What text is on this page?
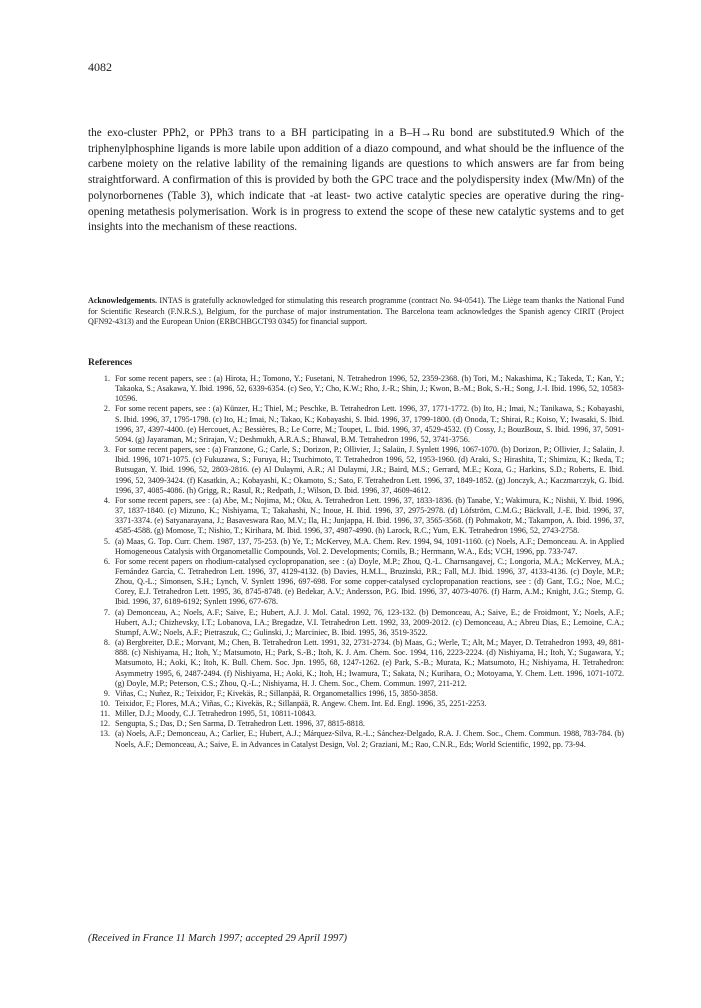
4082

the exo-cluster PPh2, or PPh3 trans to a BH participating in a B–H→Ru bond are substituted.9 Which of the triphenylphosphine ligands is more labile upon addition of a diazo compound, and what should be the influence of the carbene moiety on the relative lability of the remaining ligands are questions to which answers are far from being straightforward. A confirmation of this is provided by both the GPC trace and the polydispersity index (Mw/Mn) of the polynorbornenes (Table 3), which indicate that -at least- two active catalytic species are operative during the ring-opening metathesis polymerisation. Work is in progress to extend the scope of these new catalytic systems and to get insights into the mechanism of these reactions.

Acknowledgements. INTAS is gratefully acknowledged for stimulating this research programme (contract No. 94-0541). The Liège team thanks the National Fund for Scientific Research (F.N.R.S.), Belgium, for the purchase of major instrumentation. The Barcelona team acknowledges the Spanish agency CIRIT (Project QFN92-4313) and the European Union (ERBCHBGCT93 0345) for financial support.
References
1. For some recent papers, see : (a) Hirota, H.; Tomono, Y.; Fusetani, N. Tetrahedron 1996, 52, 2359-2368. (b) Tori, M.; Nakashima, K.; Takeda, T.; Kan, Y.; Takaoka, S.; Asakawa, Y. Ibid. 1996, 52, 6339-6354. (c) Seo, Y.; Cho, K.W.; Rho, J.-R.; Shin, J.; Kwon, B.-M.; Bok, S.-H.; Song, J.-I. Ibid. 1996, 52, 10583-10596.
2. For some recent papers, see : (a) Künzer, H.; Thiel, M.; Peschke, B. Tetrahedron Lett. 1996, 37, 1771-1772. (b) Ito, H.; Imai, N.; Tanikawa, S.; Kobayashi, S. Ibid. 1996, 37, 1795-1798. (c) Ito, H.; Imai, N.; Takao, K.; Kobayashi, S. Ibid. 1996, 37, 1799-1800. (d) Onoda, T.; Shirai, R.; Koiso, Y.; Iwasaki, S. Ibid. 1996, 37, 4397-4400. (e) Hercouet, A.; Bessières, B.; Le Corre, M.; Toupet, L. Ibid. 1996, 37, 4529-4532. (f) Cossy, J.; BouzBouz, S. Ibid. 1996, 37, 5091-5094. (g) Jayaraman, M.; Srirajan, V.; Deshmukh, A.R.A.S.; Bhawal, B.M. Tetrahedron 1996, 52, 3741-3756.
3. For some recent papers, see : (a) Franzone, G.; Carle, S.; Dorizon, P.; Ollivier, J.; Salaün, J. Synlett 1996, 1067-1070. (b) Dorizon, P.; Ollivier, J.; Salaün, J. Ibid. 1996, 1071-1075. (c) Fukuzawa, S.; Furuya, H.; Tsuchimoto, T. Tetrahedron 1996, 52, 1953-1960. (d) Araki, S.; Hirashita, T.; Shimizu, K.; Ikeda, T.; Butsugan, Y. Ibid. 1996, 52, 2803-2816. (e) Al Dulaymi, A.R.; Al Dulaymi, J.R.; Baird, M.S.; Gerrard, M.E.; Koza, G.; Harkins, S.D.; Roberts, E. Ibid. 1996, 52, 3409-3424. (f) Kasatkin, A.; Kobayashi, K.; Okamoto, S.; Sato, F. Tetrahedron Lett. 1996, 37, 1849-1852. (g) Jonczyk, A.; Kaczmarczyk, G. Ibid. 1996, 37, 4085-4086. (h) Grigg, R.; Rasul, R.; Redpath, J.; Wilson, D. Ibid. 1996, 37, 4609-4612.
4. For some recent papers, see : (a) Abe, M.; Nojima, M.; Oku, A. Tetrahedron Lett. 1996, 37, 1833-1836. (b) Tanabe, Y.; Wakimura, K.; Nishii, Y. Ibid. 1996, 37, 1837-1840. (c) Mizuno, K.; Nishiyama, T.; Takahashi, N.; Inoue, H. Ibid. 1996, 37, 2975-2978. (d) Löfström, C.M.G.; Bäckvall, J.-E. Ibid. 1996, 37, 3371-3374. (e) Satyanarayana, J.; Basaveswara Rao, M.V.; Ila, H.; Junjappa, H. Ibid. 1996, 37, 3565-3568. (f) Pohmakotr, M.; Takampon, A. Ibid. 1996, 37, 4585-4588. (g) Momose, T.; Nishio, T.; Kirihara, M. Ibid. 1996, 37, 4987-4990. (h) Larock, R.C.; Yum, E.K. Tetrahedron 1996, 52, 2743-2758.
5. (a) Maas, G. Top. Curr. Chem. 1987, 137, 75-253. (b) Ye, T.; McKervey, M.A. Chem. Rev. 1994, 94, 1091-1160. (c) Noels, A.F.; Demonceau. A. in Applied Homogeneous Catalysis with Organometallic Compounds, Vol. 2. Developments; Cornils, B.; Herrmann, W.A., Eds; VCH, 1996, pp. 733-747.
6. For some recent papers on rhodium-catalysed cyclopropanation, see : (a) Doyle, M.P.; Zhou, Q.-L. Charnsangavej, C.; Longoria, M.A.; McKervey, M.A.; Fernández García, C. Tetrahedron Lett. 1996, 37, 4129-4132. (b) Davies, H.M.L., Bruzinski, P.R.; Fall, M.J. Ibid. 1996, 37, 4133-4136. (c) Doyle, M.P.; Zhou, Q.-L.; Simonsen, S.H.; Lynch, V. Synlett 1996, 697-698. For some copper-catalysed cyclopropanation reactions, see : (d) Gant, T.G.; Noe, M.C.; Corey, E.J. Tetrahedron Lett. 1995, 36, 8745-8748. (e) Bedekar, A.V.; Andersson, P.G. Ibid. 1996, 37, 4073-4076. (f) Harm, A.M.; Knight, J.G.; Stemp, G. Ibid. 1996, 37, 6189-6192; Synlett 1996, 677-678.
7. (a) Demonceau, A.; Noels, A.F.; Saive, E.; Hubert, A.J. J. Mol. Catal. 1992, 76, 123-132. (b) Demonceau, A.; Saive, E.; de Froidmont, Y.; Noels, A.F.; Hubert, A.J.; Chizhevsky, I.T.; Lobanova, I.A.; Bregadze, V.I. Tetrahedron Lett. 1992, 33, 2009-2012. (c) Demonceau, A.; Abreu Dias, E.; Lemoine, C.A.; Stumpf, A.W.; Noels, A.F.; Pietraszuk, C.; Gulinski, J.; Marciniec, B. Ibid. 1995, 36, 3519-3522.
8. (a) Bergbreiter, D.E.; Morvant, M.; Chen, B. Tetrahedron Lett. 1991, 32, 2731-2734. (b) Maas, G.; Werle, T.; Alt, M.; Mayer, D. Tetrahedron 1993, 49, 881-888. (c) Nishiyama, H.; Itoh, Y.; Matsumoto, H.; Park, S.-B.; Itoh, K. J. Am. Chem. Soc. 1994, 116, 2223-2224. (d) Nishiyama, H.; Itoh, Y.; Sugawara, Y.; Matsumoto, H.; Aoki, K.; Itoh, K. Bull. Chem. Soc. Jpn. 1995, 68, 1247-1262. (e) Park, S.-B.; Murata, K.; Matsumoto, H.; Nishiyama, H. Tetrahedron: Asymmetry 1995, 6, 2487-2494. (f) Nishiyama, H.; Aoki, K.; Itoh, H.; Iwamura, T.; Sakata, N.; Kurihara, O.; Motoyama, Y. Chem. Lett. 1996, 1071-1072. (g) Doyle, M.P.; Peterson, C.S.; Zhou, Q.-L.; Nishiyama, H. J. Chem. Soc., Chem. Commun. 1997, 211-212.
9. Viñas, C.; Nuñez, R.; Teixidor, F.; Kivekäs, R.; Sillanpää, R. Organometallics 1996, 15, 3850-3858.
10. Teixidor, F.; Flores, M.A.; Viñas, C.; Kivekäs, R.; Sillanpää, R. Angew. Chem. Int. Ed. Engl. 1996, 35, 2251-2253.
11. Miller, D.J.; Moody, C.J. Tetrahedron 1995, 51, 10811-10843.
12. Sengupta, S.; Das, D.; Sen Sarma, D. Tetrahedron Lett. 1996, 37, 8815-8818.
13. (a) Noels, A.F.; Demonceau, A.; Carlier, E.; Hubert, A.J.; Márquez-Silva, R.-L.; Sánchez-Delgado, R.A. J. Chem. Soc., Chem. Commun. 1988, 783-784. (b) Noels, A.F.; Demonceau, A.; Saive, E. in Advances in Catalyst Design, Vol. 2; Graziani, M.; Rao, C.N.R., Eds; World Scientific, 1992, pp. 73-94.
(Received in France 11 March 1997; accepted 29 April 1997)
